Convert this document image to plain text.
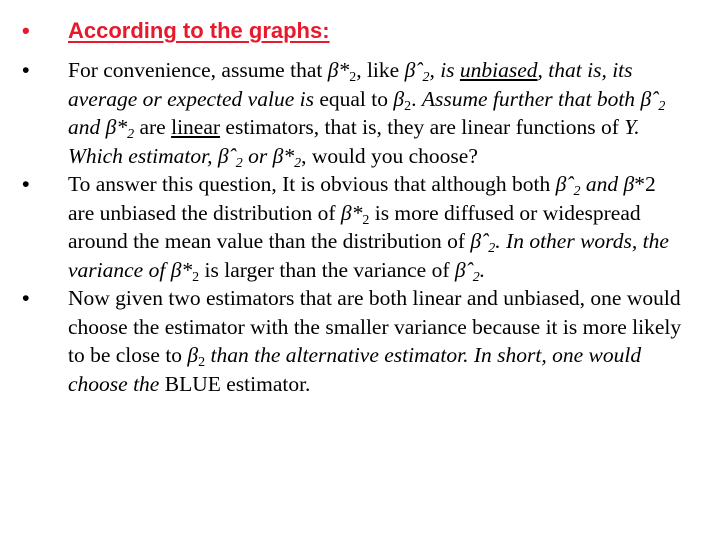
•	According to the graphs:
• For convenience, assume that $\beta*_2$, like βˆ$_2$, is unbiased, that is, its average or expected value is equal to $\beta_2$. Assume further that both βˆ$_2$ and $\beta*_2$ are linear estimators, that is, they are linear functions of Y. Which estimator, βˆ$_2$ or $\beta*_2$, would you choose?
• To answer this question, It is obvious that although both βˆ$_2$ and β*2 are unbiased the distribution of $\beta*_2$ is more diffused or widespread around the mean value than the distribution of βˆ$_2$. In other words, the variance of $\beta*_2$ is larger than the variance of βˆ$_2$.
• Now given two estimators that are both linear and unbiased, one would choose the estimator with the smaller variance because it is more likely to be close to $\beta_2$ than the alternative estimator. In short, one would choose the BLUE estimator.
